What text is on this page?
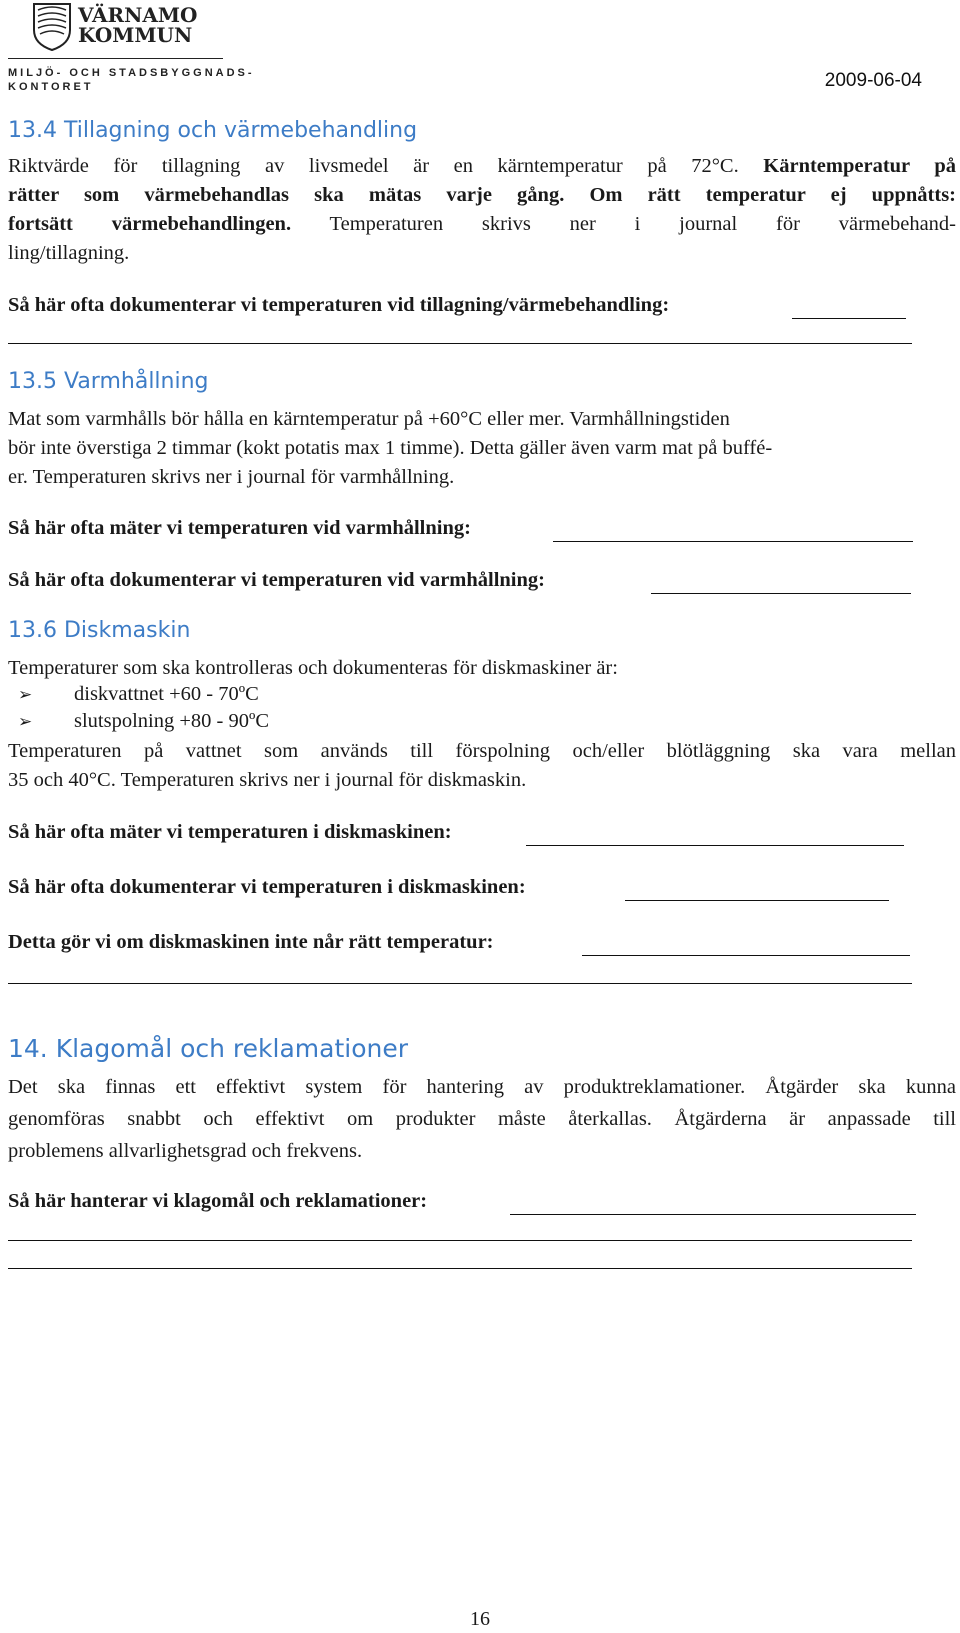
VÄRNAMO
KOMMUN
MILJÖ- OCH STADSBYGGNADS-
KONTORET	2009-06-04
13.4 Tillagning och värmebehandling
Riktvärde för tillagning av livsmedel är en kärntemperatur på 72°C. Kärntemperatur på
rätter som värmebehandlas ska mätas varje gång. Om rätt temperatur ej uppnåtts:
fortsätt värmebehandlingen. Temperaturen skrivs ner i journal för värmebehand-
ling/tillagning.
Så här ofta dokumenterar vi temperaturen vid tillagning/värmebehandling:
13.5 Varmhållning
Mat som varmhålls bör hålla en kärntemperatur på +60°C eller mer. Varmhållningstiden
bör inte överstiga 2 timmar (kokt potatis max 1 timme). Detta gäller även varm mat på buffé-
er. Temperaturen skrivs ner i journal för varmhållning.
Så här ofta mäter vi temperaturen vid varmhållning:
Så här ofta dokumenterar vi temperaturen vid varmhållning:
13.6 Diskmaskin
Temperaturer som ska kontrolleras och dokumenteras för diskmaskiner är:
➢ diskvattnet +60 - 70ºC
➢ slutspolning +80 - 90ºC
Temperaturen på vattnet som används till förspolning och/eller blötläggning ska vara mellan
35 och 40°C. Temperaturen skrivs ner i journal för diskmaskin.
Så här ofta mäter vi temperaturen i diskmaskinen:
Så här ofta dokumenterar vi temperaturen i diskmaskinen:
Detta gör vi om diskmaskinen inte når rätt temperatur:
14. Klagomål och reklamationer
Det ska finnas ett effektivt system för hantering av produktreklamationer. Åtgärder ska kunna
genomföras snabbt och effektivt om produkter måste återkallas. Åtgärderna är anpassade till
problemens allvarlighetsgrad och frekvens.
Så här hanterar vi klagomål och reklamationer:
16
